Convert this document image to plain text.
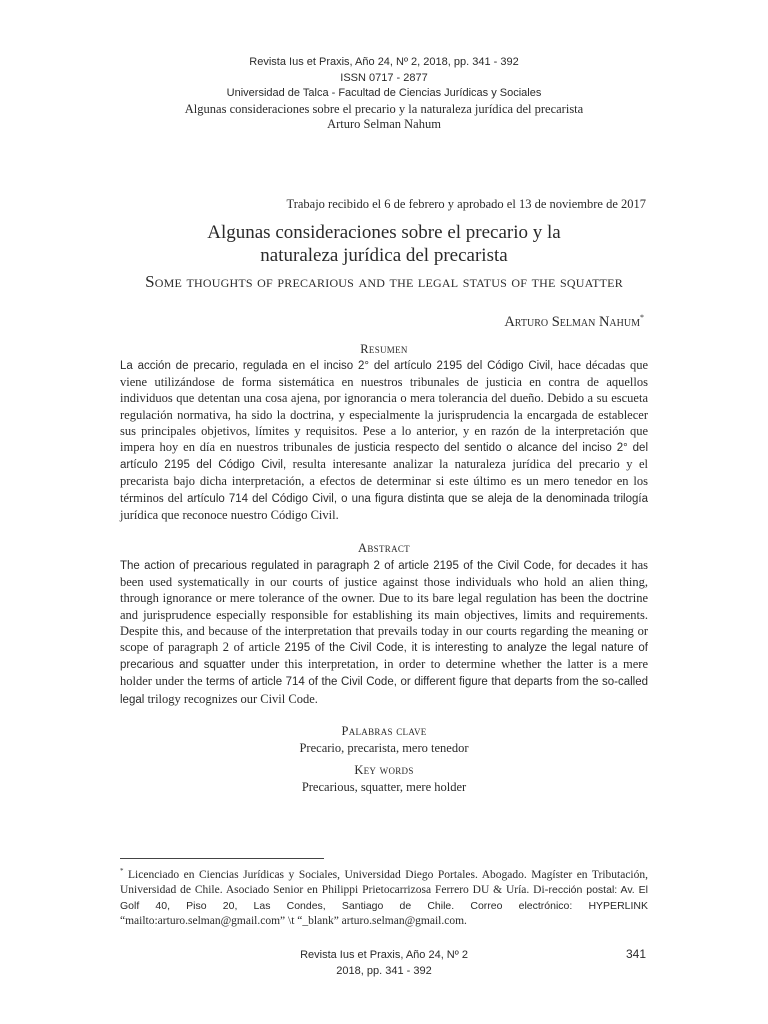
Revista Ius et Praxis, Año 24, Nº 2, 2018, pp. 341 - 392
ISSN 0717 - 2877
Universidad de Talca - Facultad de Ciencias Jurídicas y Sociales
Algunas consideraciones sobre el precario y la naturaleza jurídica del precarista
Arturo Selman Nahum
Trabajo recibido el 6 de febrero y aprobado el 13 de noviembre de 2017
Algunas consideraciones sobre el precario y la
naturaleza jurídica del precarista
Some thoughts of precarious and the legal status of the squatter
Arturo Selman Nahum*
Resumen
La acción de precario, regulada en el inciso 2° del artículo 2195 del Código Civil, hace décadas que viene utilizándose de forma sistemática en nuestros tribunales de justicia en contra de aquellos individuos que detentan una cosa ajena, por ignorancia o mera tolerancia del dueño. Debido a su escueta regulación normativa, ha sido la doctrina, y especialmente la jurisprudencia la encargada de establecer sus principales objetivos, límites y requisitos. Pese a lo anterior, y en razón de la interpretación que impera hoy en día en nuestros tribunales de justicia respecto del sentido o alcance del inciso 2° del artículo 2195 del Código Civil, resulta interesante analizar la naturaleza jurídica del precario y el precarista bajo dicha interpretación, a efectos de determinar si este último es un mero tenedor en los términos del artículo 714 del Código Civil, o una figura distinta que se aleja de la denominada trilogía jurídica que reconoce nuestro Código Civil.
Abstract
The action of precarious regulated in paragraph 2 of article 2195 of the Civil Code, for decades it has been used systematically in our courts of justice against those individuals who hold an alien thing, through ignorance or mere tolerance of the owner. Due to its bare legal regulation has been the doctrine and jurisprudence especially responsible for establishing its main objectives, limits and requirements. Despite this, and because of the interpretation that prevails today in our courts regarding the meaning or scope of paragraph 2 of article 2195 of the Civil Code, it is interesting to analyze the legal nature of precarious and squatter under this interpretation, in order to determine whether the latter is a mere holder under the terms of article 714 of the Civil Code, or different figure that departs from the so-called legal trilogy recognizes our Civil Code.
Palabras clave
Precario, precarista, mero tenedor
Key words
Precarious, squatter, mere holder
* Licenciado en Ciencias Jurídicas y Sociales, Universidad Diego Portales. Abogado. Magíster en Tributación, Universidad de Chile. Asociado Senior en Philippi Prietocarrizosa Ferrero DU & Uría. Di-rección postal: Av. El Golf 40, Piso 20, Las Condes, Santiago de Chile. Correo electrónico: HYPERLINK “mailto:arturo.selman@gmail.com” \t “_blank” arturo.selman@gmail.com.
Revista Ius et Praxis, Año 24, Nº 2
2018, pp. 341 - 392
341
